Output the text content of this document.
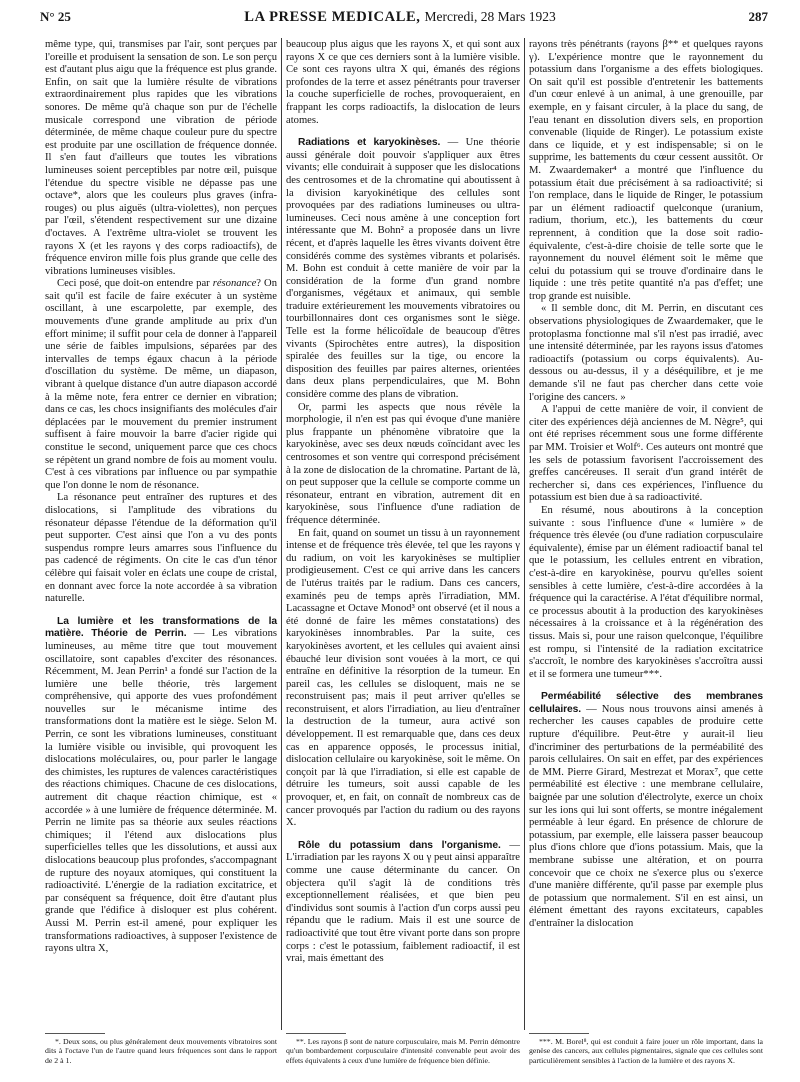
N° 25	LA PRESSE MEDICALE, Mercredi, 28 Mars 1923	287

même type, qui, transmises par l'air, sont perçues par l'oreille et produisent la sensation de son. Le son perçu est d'autant plus aigu que la fréquence est plus grande. Enfin, on sait que la lumière résulte de vibrations extraordinairement plus rapides que les vibrations sonores. De même qu'à chaque son pur de l'échelle musicale correspond une vibration de période déterminée, de même chaque couleur pure du spectre est produite par une oscillation de fréquence donnée. Il s'en faut d'ailleurs que toutes les vibrations lumineuses soient perceptibles par notre œil, puisque l'étendue du spectre visible ne dépasse pas une octave*, alors que les couleurs plus graves (infra-rouges) ou plus aiguës (ultra-violettes), non perçues par l'œil, s'étendent respectivement sur une dizaine d'octaves. A l'extrême ultra-violet se trouvent les rayons X (et les rayons γ des corps radioactifs), de fréquence environ mille fois plus grande que celle des vibrations lumineuses visibles.

Ceci posé, que doit-on entendre par résonance? On sait qu'il est facile de faire exécuter à un système oscillant, à une escarpolette, par exemple, des mouvements d'une grande amplitude au prix d'un effort minime; il suffit pour cela de donner à l'appareil une série de faibles impulsions, séparées par des intervalles de temps égaux chacun à la période d'oscillation du système. De même, un diapason, vibrant à quelque distance d'un autre diapason accordé à la même note, fera entrer ce dernier en vibration; dans ce cas, les chocs insignifiants des molécules d'air déplacées par le mouvement du premier instrument suffisent à faire mouvoir la barre d'acier rigide qui constitue le second, uniquement parce que ces chocs se répètent un grand nombre de fois au moment voulu. C'est à ces vibrations par influence ou par sympathie que l'on donne le nom de résonance.

La résonance peut entraîner des ruptures et des dislocations, si l'amplitude des vibrations du résonateur dépasse l'étendue de la déformation qu'il peut supporter. C'est ainsi que l'on a vu des ponts suspendus rompre leurs amarres sous l'influence du pas cadencé de régiments. On cite le cas d'un ténor célèbre qui faisait voler en éclats une coupe de cristal, en donnant avec force la note accordée à sa vibration naturelle.

La lumière et les transformations de la matière. Théorie de Perrin. — Les vibrations lumineuses, au même titre que tout mouvement oscillatoire, sont capables d'exciter des résonances. Récemment, M. Jean Perrin¹ a fondé sur l'action de la lumière une belle théorie, très largement compréhensive, qui apporte des vues profondément nouvelles sur le mécanisme intime des transformations dont la matière est le siège. Selon M. Perrin, ce sont les vibrations lumineuses, constituant la lumière visible ou invisible, qui provoquent les dislocations moléculaires, ou, pour parler le langage des chimistes, les ruptures de valences caractéristiques des réactions chimiques. Chacune de ces dislocations, autrement dit chaque réaction chimique, est « accordée » à une lumière de fréquence déterminée. M. Perrin ne limite pas sa théorie aux seules réactions chimiques; il l'étend aux dislocations plus superficielles telles que les dissolutions, et aussi aux dislocations beaucoup plus profondes, s'accompagnant de rupture des noyaux atomiques, qui constituent la radioactivité. L'énergie de la radiation excitatrice, et par conséquent sa fréquence, doit être d'autant plus grande que l'édifice à disloquer est plus cohérent. Aussi M. Perrin est-il amené, pour expliquer les transformations radioactives, à supposer l'existence de rayons ultra X,

beaucoup plus aigus que les rayons X, et qui sont aux rayons X ce que ces derniers sont à la lumière visible. Ce sont ces rayons ultra X qui, émanés des régions profondes de la terre et assez pénétrants pour traverser la couche superficielle de roches, provoqueraient, en frappant les corps radioactifs, la dislocation de leurs atomes.

Radiations et karyokinèses. — Une théorie aussi générale doit pouvoir s'appliquer aux êtres vivants; elle conduirait à supposer que les dislocations des centrosomes et de la chromatine qui aboutissent à la division karyokinétique des cellules sont provoquées par des radiations lumineuses ou ultra-lumineuses. Ceci nous amène à une conception fort intéressante que M. Bohn² a proposée dans un livre récent, et d'après laquelle les êtres vivants doivent être considérés comme des systèmes vibrants et polarisés. M. Bohn est conduit à cette manière de voir par la considération de la forme d'un grand nombre d'organismes, végétaux et animaux, qui semble traduire extérieurement les mouvements vibratoires ou tourbillonnaires dont ces organismes sont le siège. Telle est la forme hélicoïdale de beaucoup d'êtres vivants (Spirochètes entre autres), la disposition spiralée des feuilles sur la tige, ou encore la disposition des feuilles par paires alternes, orientées dans deux plans perpendiculaires, que M. Bohn considère comme des plans de vibration.

Or, parmi les aspects que nous révèle la morphologie, il n'en est pas qui évoque d'une manière plus frappante un phénomène vibratoire que la karyokinèse, avec ses deux nœuds coïncidant avec les centrosomes et son ventre qui correspond précisément à la zone de dislocation de la chromatine. Partant de là, on peut supposer que la cellule se comporte comme un résonateur, entrant en vibration, autrement dit en karyokinèse, sous l'influence d'une radiation de fréquence déterminée.

En fait, quand on soumet un tissu à un rayonnement intense et de fréquence très élevée, tel que les rayons γ du radium, on voit les karyokinèses se multiplier prodigieusement. C'est ce qui arrive dans les cancers de l'utérus traités par le radium. Dans ces cancers, examinés peu de temps après l'irradiation, MM. Lacassagne et Octave Monod³ ont observé (et il nous a été donné de faire les mêmes constatations) des karyokinèses innombrables. Par la suite, ces karyokinèses avortent, et les cellules qui avaient ainsi ébauché leur division sont vouées à la mort, ce qui entraîne en définitive la résorption de la tumeur. En pareil cas, les cellules se disloquent, mais ne se reconstruisent pas; mais il peut arriver qu'elles se reconstruisent, et alors l'irradiation, au lieu d'entraîner la destruction de la tumeur, aura activé son développement. Il est remarquable que, dans ces deux cas en apparence opposés, le processus initial, dislocation cellulaire ou karyokinèse, soit le même. On conçoit par là que l'irradiation, si elle est capable de détruire les tumeurs, soit aussi capable de les provoquer, et, en fait, on connaît de nombreux cas de cancer provoqués par l'action du radium ou des rayons X.

Rôle du potassium dans l'organisme. — L'irradiation par les rayons X ou γ peut ainsi apparaître comme une cause déterminante du cancer. On objectera qu'il s'agit là de conditions très exceptionnellement réalisées, et que bien peu d'individus sont soumis à l'action d'un corps aussi peu répandu que le radium. Mais il est une source de radioactivité que tout être vivant porte dans son propre corps : c'est le potassium, faiblement radioactif, il est vrai, mais émettant des

rayons très pénétrants (rayons β** et quelques rayons γ). L'expérience montre que le rayonnement du potassium dans l'organisme a des effets biologiques. On sait qu'il est possible d'entretenir les battements d'un cœur enlevé à un animal, à une grenouille, par exemple, en y faisant circuler, à la place du sang, de l'eau tenant en dissolution divers sels, en proportion convenable (liquide de Ringer). Le potassium existe dans ce liquide, et y est indispensable; si on le supprime, les battements du cœur cessent aussitôt. Or M. Zwaardemaker⁴ a montré que l'influence du potassium était due précisément à sa radioactivité; si l'on remplace, dans le liquide de Ringer, le potassium par un élément radioactif quelconque (uranium, radium, thorium, etc.), les battements du cœur reprennent, à condition que la dose soit radio-équivalente, c'est-à-dire choisie de telle sorte que le rayonnement du nouvel élément soit le même que celui du potassium qui se trouve d'ordinaire dans le liquide : une très petite quantité n'a pas d'effet; une trop grande est nuisible.

« Il semble donc, dit M. Perrin, en discutant ces observations physiologiques de Zwaardemaker, que le protoplasma fonctionne mal s'il n'est pas irradié, avec une intensité déterminée, par les rayons issus d'atomes radioactifs (potassium ou corps équivalents). Au-dessous ou au-dessus, il y a déséquilibre, et je me demande s'il ne faut pas chercher dans cette voie l'origine des cancers. »

A l'appui de cette manière de voir, il convient de citer des expériences déjà anciennes de M. Nègre⁵, qui ont été reprises récemment sous une forme différente par MM. Troisier et Wolf⁶. Ces auteurs ont montré que les sels de potassium favorisent l'accroissement des greffes cancéreuses. Il serait d'un grand intérêt de rechercher si, dans ces expériences, l'influence du potassium est bien due à sa radioactivité.

En résumé, nous aboutirons à la conception suivante : sous l'influence d'une « lumière » de fréquence très élevée (ou d'une radiation corpusculaire équivalente), émise par un élément radioactif banal tel que le potassium, les cellules entrent en vibration, c'est-à-dire en karyokinèse, pourvu qu'elles soient sensibles à cette lumière, c'est-à-dire accordées à la fréquence qui la caractérise. A l'état d'équilibre normal, ce processus aboutit à la production des karyokinèses nécessaires à la croissance et à la régénération des tissus. Mais si, pour une raison quelconque, l'équilibre est rompu, si l'intensité de la radiation excitatrice s'accroît, le nombre des karyokinèses s'accroîtra aussi et il se formera une tumeur***.

Perméabilité sélective des membranes cellulaires. — Nous nous trouvons ainsi amenés à rechercher les causes capables de produire cette rupture d'équilibre. Peut-être y aurait-il lieu d'incriminer des perturbations de la perméabilité des parois cellulaires. On sait en effet, par des expériences de MM. Pierre Girard, Mestrezat et Morax⁷, que cette perméabilité est élective : une membrane cellulaire, baignée par une solution d'électrolyte, exerce un choix sur les ions qui lui sont offerts, se montre inégalement perméable à leur égard. En présence de chlorure de potassium, par exemple, elle laissera passer beaucoup plus d'ions chlore que d'ions potassium. Mais, que la membrane subisse une altération, et on pourra concevoir que ce choix ne s'exerce plus ou s'exerce d'une manière différente, qu'il passe par exemple plus de potassium que normalement. S'il en est ainsi, un élément émettant des rayons excitateurs, capables d'entraîner la dislocation

*. Deux sons, ou plus généralement deux mouvements vibratoires sont dits à l'octave l'un de l'autre quand leurs fréquences sont dans le rapport de 2 à 1.
**. Les rayons β sont de nature corpusculaire, mais M. Perrin démontre qu'un bombardement corpusculaire d'intensité convenable peut avoir des effets équivalents à ceux d'une lumière de fréquence bien définie.
***. M. Borel⁸, qui est conduit à faire jouer un rôle important, dans la genèse des cancers, aux cellules pigmentaires, signale que ces cellules sont particulièrement sensibles à l'action de la lumière et des rayons X.
